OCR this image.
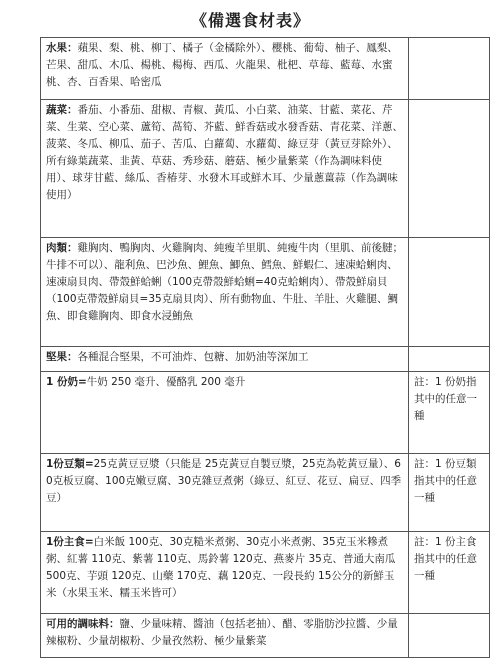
《備選食材表》
水果：蘋果、梨、桃、柳丁、橘子（金橘除外）、櫻桃、葡萄、柚子、鳳梨、芒果、甜瓜、木瓜、楊桃、楊梅、西瓜、火龍果、枇杷、草莓、藍莓、水蜜桃、杏、百香果、哈密瓜	
蔬菜：番茄、小番茄、甜椒、青椒、黃瓜、小白菜、油菜、甘藍、菜花、芹菜、生菜、空心菜、蘆筍、萵筍、芥藍、鮮香菇或水發香菇、青花菜、洋蔥、菠菜、冬瓜、柳瓜、茄子、苦瓜、白蘿蔔、水蘿蔔、綠豆芽（黃豆芽除外）、所有綠葉蔬菜、韭黃、草菇、秀珍菇、蘑菇、極少量紫菜（作為調味料使用）、球芽甘藍、絲瓜、香椿芽、水發木耳或鮮木耳、少量蔥薑蒜（作為調味使用）	
肉類：雞胸肉、鴨胸肉、火雞胸肉、純瘦羊里肌、純瘦牛肉（里肌、前後腱；牛排不可以）、龍利魚、巴沙魚、鯉魚、鯽魚、鱈魚、鮮蝦仁、速凍蛤蜊肉、速凍扇貝肉、帶殼鮮蛤蜊（100克帶殼鮮蛤蜊=40克蛤蜊肉）、帶殼鮮扇貝（100克帶殼鮮扇貝=35克扇貝肉）、所有動物血、牛肚、羊肚、火雞腿、鯛魚、即食雞胸肉、即食水浸鮪魚	
堅果：各種混合堅果，不可油炸、包糖、加奶油等深加工	
1 份奶=牛奶 250 毫升、優酪乳 200 毫升	註：1 份奶指其中的任意一種
1份豆類=25克黃豆豆漿（只能是 25克黃豆自製豆漿，25克為乾黃豆量）、60克板豆腐、100克嫩豆腐、30克雜豆煮粥（綠豆、紅豆、花豆、扁豆、四季豆）	註：1 份豆類指其中的任意一種
1份主食=白米飯 100克、30克糙米煮粥、30克小米煮粥、35克玉米糝煮粥、紅薯 110克、紫薯 110克、馬鈴薯 120克、燕麥片 35克、普通大南瓜 500克、芋頭 120克、山藥 170克、藕 120克、一段長約 15公分的新鮮玉米（水果玉米、糯玉米皆可）	註：1 份主食指其中的任意一種
可用的調味料：鹽、少量味精、醬油（包括老抽）、醋、零脂肪沙拉醬、少量辣椒粉、少量胡椒粉、少量孜然粉、極少量紫菜	
